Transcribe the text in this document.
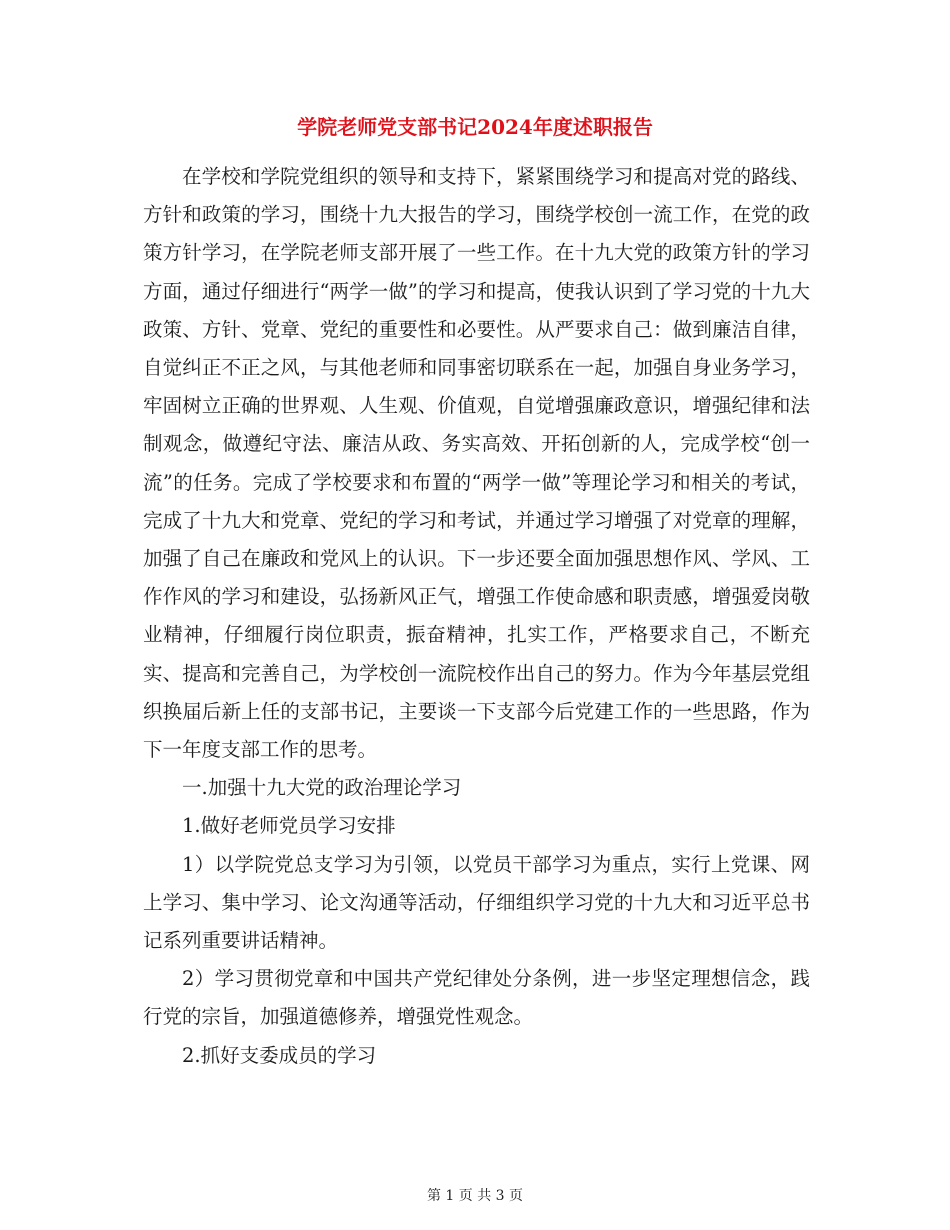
学院老师党支部书记2024年度述职报告

在学校和学院党组织的领导和支持下，紧紧围绕学习和提高对党的路线、方针和政策的学习，围绕十九大报告的学习，围绕学校创一流工作，在党的政策方针学习，在学院老师支部开展了一些工作。在十九大党的政策方针的学习方面，通过仔细进行“两学一做”的学习和提高，使我认识到了学习党的十九大政策、方针、党章、党纪的重要性和必要性。从严要求自己：做到廉洁自律，自觉纠正不正之风，与其他老师和同事密切联系在一起，加强自身业务学习，牢固树立正确的世界观、人生观、价值观，自觉增强廉政意识，增强纪律和法制观念，做遵纪守法、廉洁从政、务实高效、开拓创新的人，完成学校“创一流”的任务。完成了学校要求和布置的“两学一做”等理论学习和相关的考试，完成了十九大和党章、党纪的学习和考试，并通过学习增强了对党章的理解，加强了自己在廉政和党风上的认识。下一步还要全面加强思想作风、学风、工作作风的学习和建设，弘扬新风正气，增强工作使命感和职责感，增强爱岗敬业精神，仔细履行岗位职责，振奋精神，扎实工作，严格要求自己，不断充实、提高和完善自己，为学校创一流院校作出自己的努力。作为今年基层党组织换届后新上任的支部书记，主要谈一下支部今后党建工作的一些思路，作为下一年度支部工作的思考。

一.加强十九大党的政治理论学习

1.做好老师党员学习安排

1）以学院党总支学习为引领，以党员干部学习为重点，实行上党课、网上学习、集中学习、论文沟通等活动，仔细组织学习党的十九大和习近平总书记系列重要讲话精神。

2）学习贯彻党章和中国共产党纪律处分条例，进一步坚定理想信念，践行党的宗旨，加强道德修养，增强党性观念。

2.抓好支委成员的学习

第 1 页 共 3 页
